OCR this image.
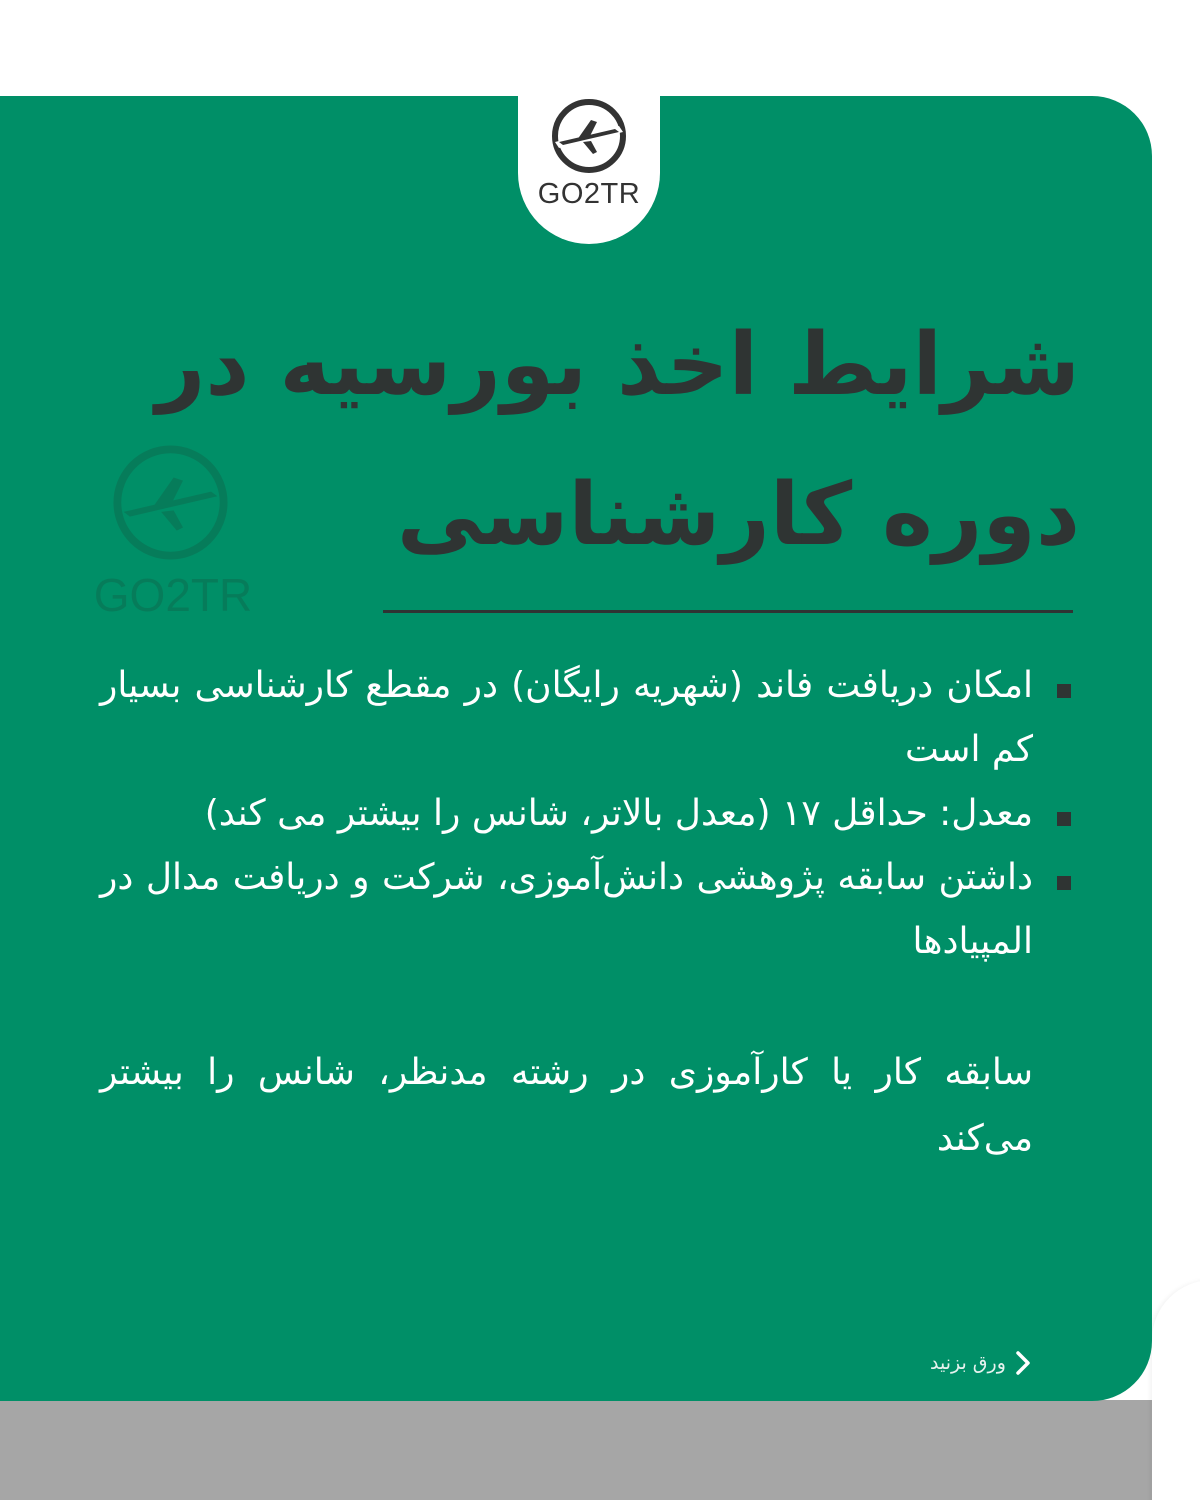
GO2TR
GO2TR
شرایط اخذ بورسیه در
دوره کارشناسی
امکان دریافت فاند (شهریه رایگان) در مقطع کارشناسی بسیار کم است
معدل: حداقل ۱۷ (معدل بالاتر، شانس را بیشتر می کند)
داشتن سابقه پژوهشی دانش‌آموزی، شرکت و دریافت مدال در المپیادها
سابقه کار یا کارآموزی در رشته مدنظر، شانس را بیشتر می‌کند
ورق بزنید
